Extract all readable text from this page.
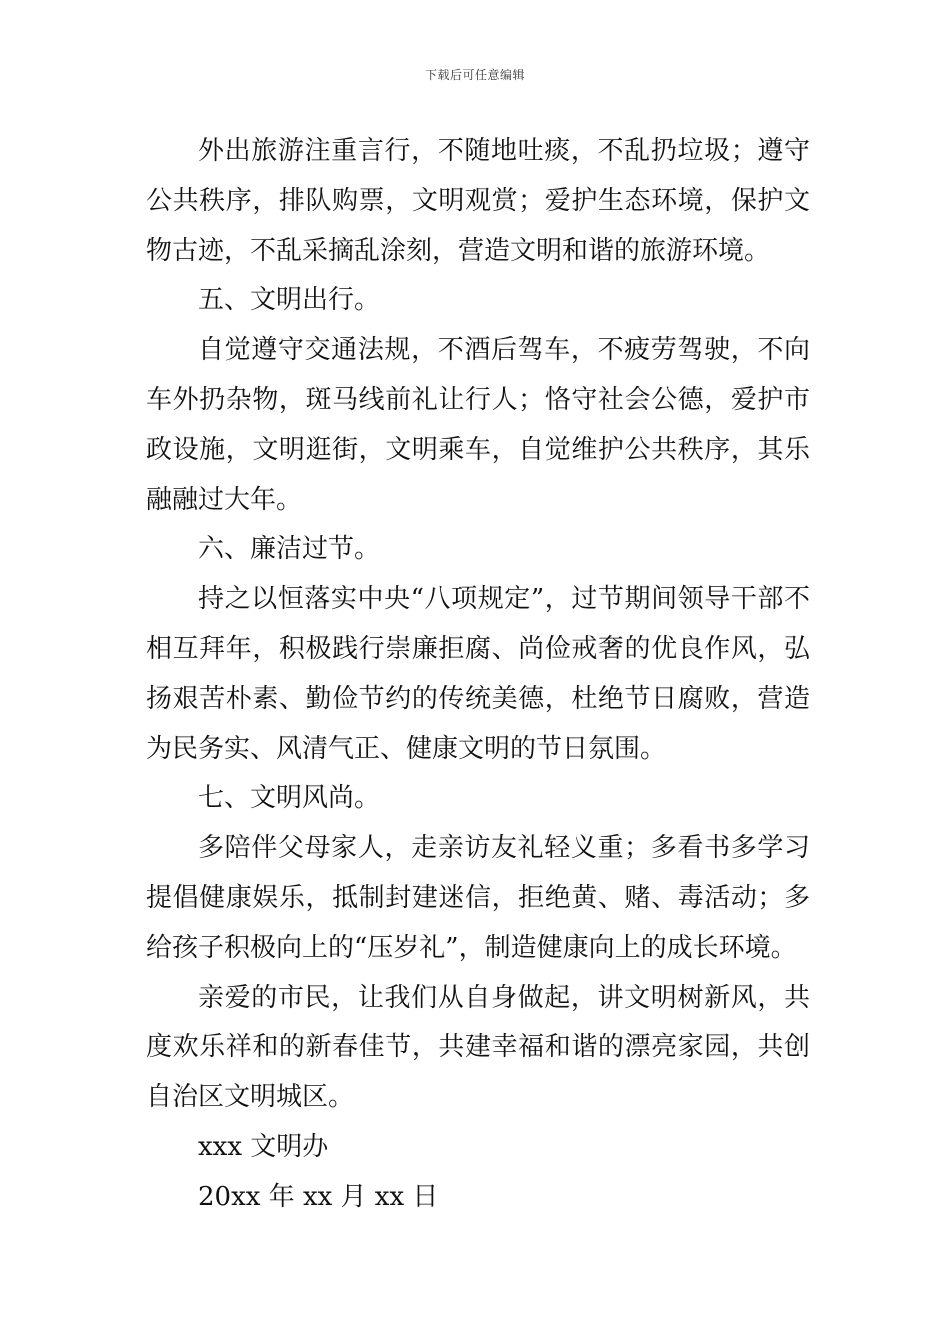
下载后可任意编辑

外出旅游注重言行，不随地吐痰，不乱扔垃圾；遵守公共秩序，排队购票，文明观赏；爱护生态环境，保护文物古迹，不乱采摘乱涂刻，营造文明和谐的旅游环境。

五、文明出行。

自觉遵守交通法规，不酒后驾车，不疲劳驾驶，不向车外扔杂物，斑马线前礼让行人；恪守社会公德，爱护市政设施，文明逛街，文明乘车，自觉维护公共秩序，其乐融融过大年。

六、廉洁过节。

持之以恒落实中央“八项规定”，过节期间领导干部不相互拜年，积极践行崇廉拒腐、尚俭戒奢的优良作风，弘扬艰苦朴素、勤俭节约的传统美德，杜绝节日腐败，营造为民务实、风清气正、健康文明的节日氛围。

七、文明风尚。

多陪伴父母家人，走亲访友礼轻义重；多看书多学习提倡健康娱乐，抵制封建迷信，拒绝黄、赌、毒活动；多给孩子积极向上的“压岁礼”，制造健康向上的成长环境。

亲爱的市民，让我们从自身做起，讲文明树新风，共度欢乐祥和的新春佳节，共建幸福和谐的漂亮家园，共创自治区文明城区。

xxx 文明办

20xx 年 xx 月 xx 日
